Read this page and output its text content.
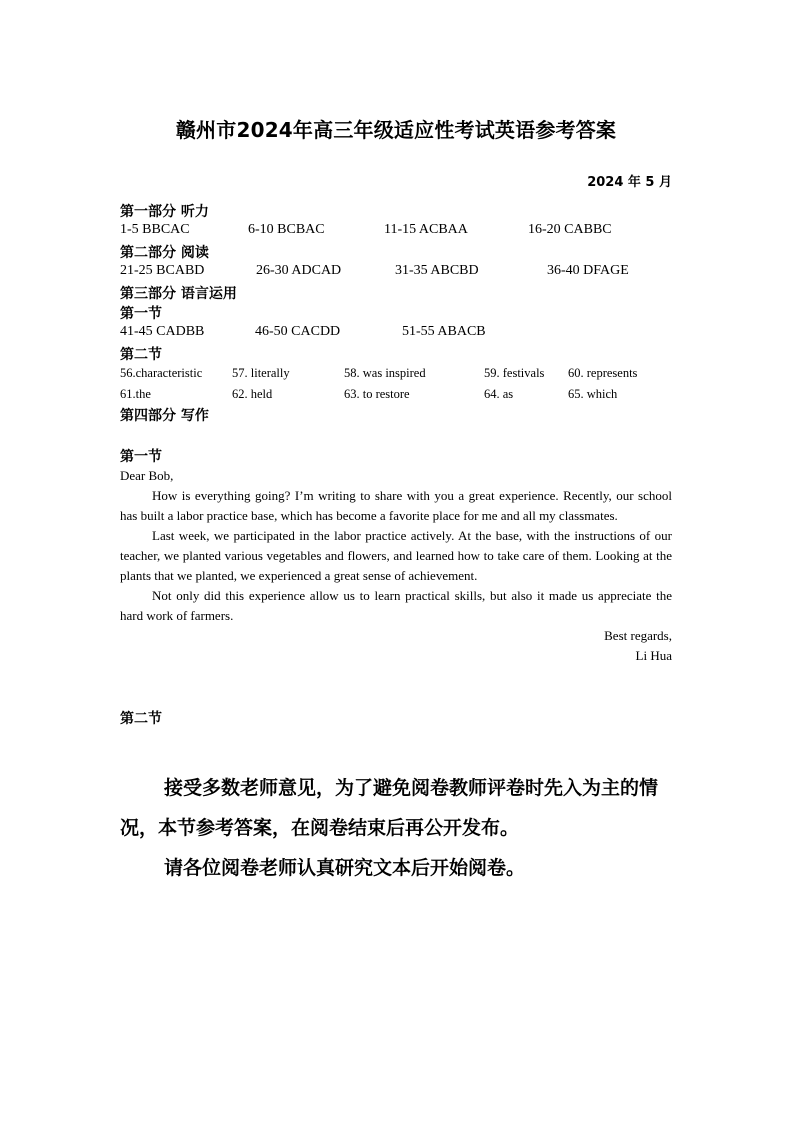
赣州市2024年高三年级适应性考试英语参考答案
2024 年 5 月
第一部分 听力
1-5 BBCAC	6-10 BCBAC	11-15 ACBAA	16-20 CABBC
第二部分 阅读
21-25 BCABD	26-30 ADCAD	31-35 ABCBD	36-40 DFAGE
第三部分 语言运用
第一节
41-45 CADBB	46-50 CACDD	51-55 ABACB
第二节
56.characteristic 57. literally	58. was inspired	59. festivals 60. represents
61.the	62. held	63. to restore	64. as	65. which
第四部分 写作
第一节

Dear Bob,

How is everything going? I’m writing to share with you a great experience. Recently, our school has built a labor practice base, which has become a favorite place for me and all my classmates.

Last week, we participated in the labor practice actively. At the base, with the instructions of our teacher, we planted various vegetables and flowers, and learned how to take care of them. Looking at the plants that we planted, we experienced a great sense of achievement.

Not only did this experience allow us to learn practical skills, but also it made us appreciate the hard work of farmers.

Best regards,

Li Hua

第二节

接受多数老师意见，为了避免阅卷教师评卷时先入为主的情况，本节参考答案，在阅卷结束后再公开发布。

请各位阅卷老师认真研究文本后开始阅卷。
